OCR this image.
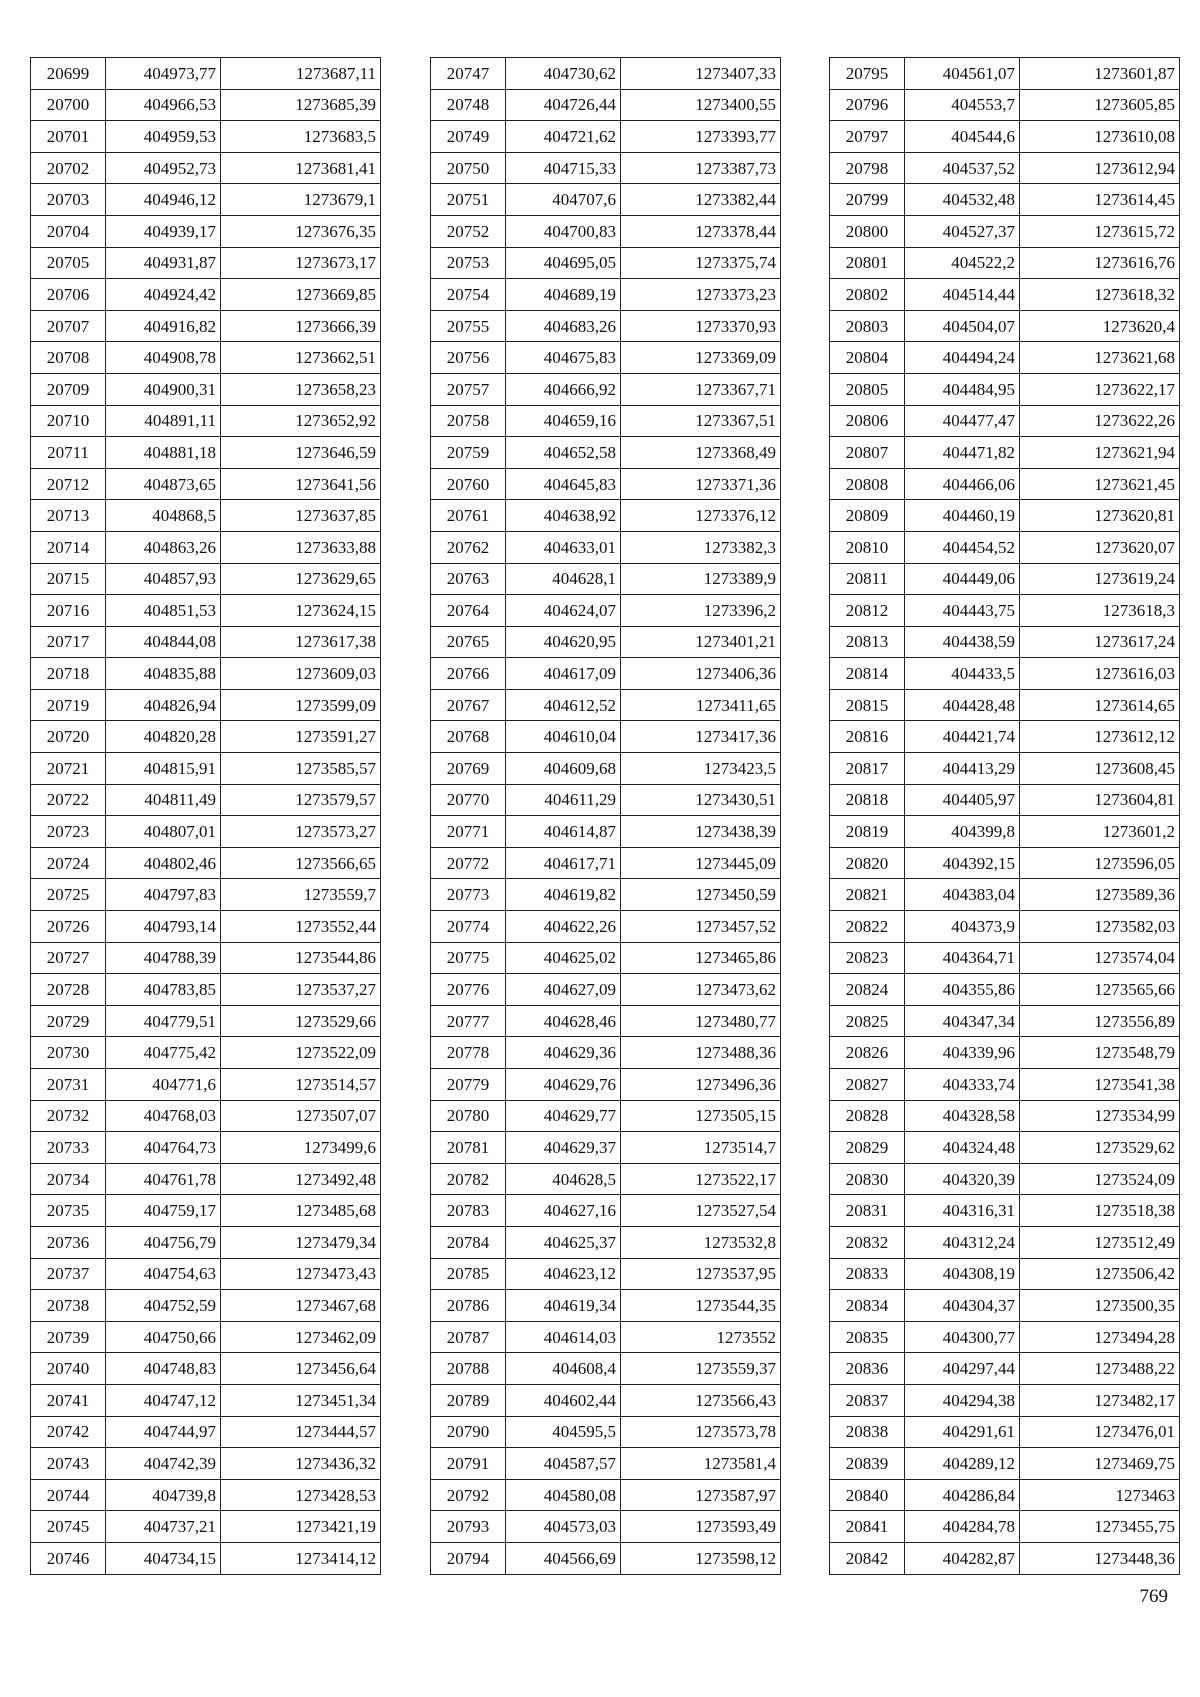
20699	404973,77	1273687,11
20700	404966,53	1273685,39
20701	404959,53	1273683,5
20702	404952,73	1273681,41
20703	404946,12	1273679,1
20704	404939,17	1273676,35
20705	404931,87	1273673,17
20706	404924,42	1273669,85
20707	404916,82	1273666,39
20708	404908,78	1273662,51
20709	404900,31	1273658,23
20710	404891,11	1273652,92
20711	404881,18	1273646,59
20712	404873,65	1273641,56
20713	404868,5	1273637,85
20714	404863,26	1273633,88
20715	404857,93	1273629,65
20716	404851,53	1273624,15
20717	404844,08	1273617,38
20718	404835,88	1273609,03
20719	404826,94	1273599,09
20720	404820,28	1273591,27
20721	404815,91	1273585,57
20722	404811,49	1273579,57
20723	404807,01	1273573,27
20724	404802,46	1273566,65
20725	404797,83	1273559,7
20726	404793,14	1273552,44
20727	404788,39	1273544,86
20728	404783,85	1273537,27
20729	404779,51	1273529,66
20730	404775,42	1273522,09
20731	404771,6	1273514,57
20732	404768,03	1273507,07
20733	404764,73	1273499,6
20734	404761,78	1273492,48
20735	404759,17	1273485,68
20736	404756,79	1273479,34
20737	404754,63	1273473,43
20738	404752,59	1273467,68
20739	404750,66	1273462,09
20740	404748,83	1273456,64
20741	404747,12	1273451,34
20742	404744,97	1273444,57
20743	404742,39	1273436,32
20744	404739,8	1273428,53
20745	404737,21	1273421,19
20746	404734,15	1273414,12
20747	404730,62	1273407,33
20748	404726,44	1273400,55
20749	404721,62	1273393,77
20750	404715,33	1273387,73
20751	404707,6	1273382,44
20752	404700,83	1273378,44
20753	404695,05	1273375,74
20754	404689,19	1273373,23
20755	404683,26	1273370,93
20756	404675,83	1273369,09
20757	404666,92	1273367,71
20758	404659,16	1273367,51
20759	404652,58	1273368,49
20760	404645,83	1273371,36
20761	404638,92	1273376,12
20762	404633,01	1273382,3
20763	404628,1	1273389,9
20764	404624,07	1273396,2
20765	404620,95	1273401,21
20766	404617,09	1273406,36
20767	404612,52	1273411,65
20768	404610,04	1273417,36
20769	404609,68	1273423,5
20770	404611,29	1273430,51
20771	404614,87	1273438,39
20772	404617,71	1273445,09
20773	404619,82	1273450,59
20774	404622,26	1273457,52
20775	404625,02	1273465,86
20776	404627,09	1273473,62
20777	404628,46	1273480,77
20778	404629,36	1273488,36
20779	404629,76	1273496,36
20780	404629,77	1273505,15
20781	404629,37	1273514,7
20782	404628,5	1273522,17
20783	404627,16	1273527,54
20784	404625,37	1273532,8
20785	404623,12	1273537,95
20786	404619,34	1273544,35
20787	404614,03	1273552
20788	404608,4	1273559,37
20789	404602,44	1273566,43
20790	404595,5	1273573,78
20791	404587,57	1273581,4
20792	404580,08	1273587,97
20793	404573,03	1273593,49
20794	404566,69	1273598,12
20795	404561,07	1273601,87
20796	404553,7	1273605,85
20797	404544,6	1273610,08
20798	404537,52	1273612,94
20799	404532,48	1273614,45
20800	404527,37	1273615,72
20801	404522,2	1273616,76
20802	404514,44	1273618,32
20803	404504,07	1273620,4
20804	404494,24	1273621,68
20805	404484,95	1273622,17
20806	404477,47	1273622,26
20807	404471,82	1273621,94
20808	404466,06	1273621,45
20809	404460,19	1273620,81
20810	404454,52	1273620,07
20811	404449,06	1273619,24
20812	404443,75	1273618,3
20813	404438,59	1273617,24
20814	404433,5	1273616,03
20815	404428,48	1273614,65
20816	404421,74	1273612,12
20817	404413,29	1273608,45
20818	404405,97	1273604,81
20819	404399,8	1273601,2
20820	404392,15	1273596,05
20821	404383,04	1273589,36
20822	404373,9	1273582,03
20823	404364,71	1273574,04
20824	404355,86	1273565,66
20825	404347,34	1273556,89
20826	404339,96	1273548,79
20827	404333,74	1273541,38
20828	404328,58	1273534,99
20829	404324,48	1273529,62
20830	404320,39	1273524,09
20831	404316,31	1273518,38
20832	404312,24	1273512,49
20833	404308,19	1273506,42
20834	404304,37	1273500,35
20835	404300,77	1273494,28
20836	404297,44	1273488,22
20837	404294,38	1273482,17
20838	404291,61	1273476,01
20839	404289,12	1273469,75
20840	404286,84	1273463
20841	404284,78	1273455,75
20842	404282,87	1273448,36
769
